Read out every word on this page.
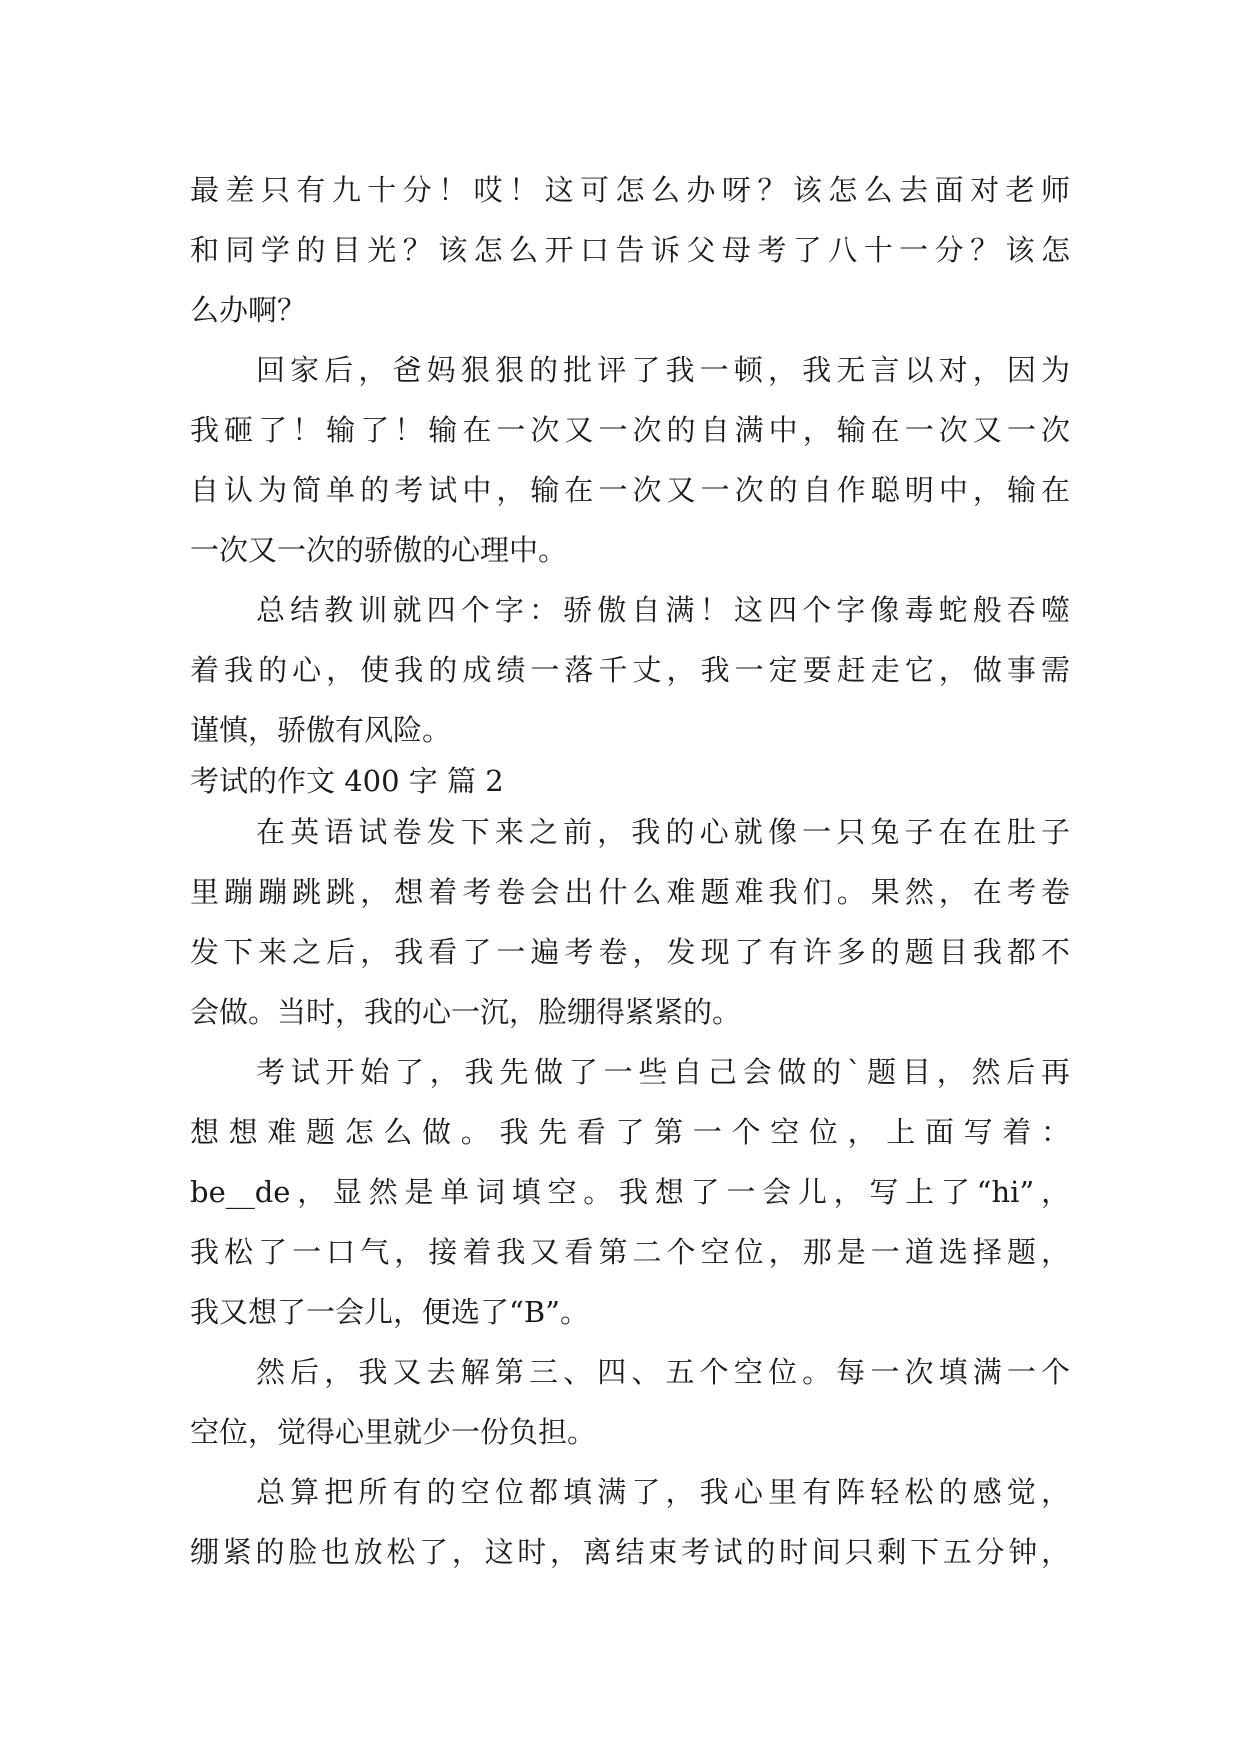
最差只有九十分！哎！这可怎么办呀？该怎么去面对老师
和同学的目光？该怎么开口告诉父母考了八十一分？该怎
么办啊？
回家后，爸妈狠狠的批评了我一顿，我无言以对，因为
我砸了！输了！输在一次又一次的自满中，输在一次又一次
自认为简单的考试中，输在一次又一次的自作聪明中，输在
一次又一次的骄傲的心理中。
总结教训就四个字：骄傲自满！这四个字像毒蛇般吞噬
着我的心，使我的成绩一落千丈，我一定要赶走它，做事需
谨慎，骄傲有风险。
考试的作文 400 字 篇 2
在英语试卷发下来之前，我的心就像一只兔子在在肚子
里蹦蹦跳跳，想着考卷会出什么难题难我们。果然，在考卷
发下来之后，我看了一遍考卷，发现了有许多的题目我都不
会做。当时，我的心一沉，脸绷得紧紧的。
考试开始了，我先做了一些自己会做的`题目，然后再
想想难题怎么做。我先看了第一个空位，上面写着：
be__de，显然是单词填空。我想了一会儿，写上了“hi”，
我松了一口气，接着我又看第二个空位，那是一道选择题，
我又想了一会儿，便选了“B”。
然后，我又去解第三、四、五个空位。每一次填满一个
空位，觉得心里就少一份负担。
总算把所有的空位都填满了，我心里有阵轻松的感觉，
绷紧的脸也放松了，这时，离结束考试的时间只剩下五分钟，
